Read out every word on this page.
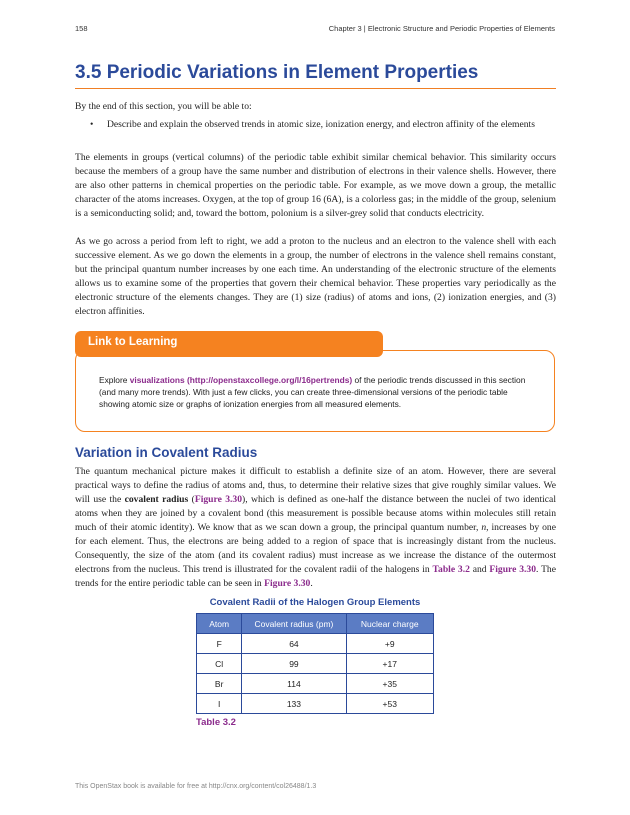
158	Chapter 3 | Electronic Structure and Periodic Properties of Elements
3.5 Periodic Variations in Element Properties

By the end of this section, you will be able to:

•	Describe and explain the observed trends in atomic size, ionization energy, and electron affinity of the elements

The elements in groups (vertical columns) of the periodic table exhibit similar chemical behavior. This similarity occurs because the members of a group have the same number and distribution of electrons in their valence shells. However, there are also other patterns in chemical properties on the periodic table. For example, as we move down a group, the metallic character of the atoms increases. Oxygen, at the top of group 16 (6A), is a colorless gas; in the middle of the group, selenium is a semiconducting solid; and, toward the bottom, polonium is a silver-grey solid that conducts electricity.

As we go across a period from left to right, we add a proton to the nucleus and an electron to the valence shell with each successive element. As we go down the elements in a group, the number of electrons in the valence shell remains constant, but the principal quantum number increases by one each time. An understanding of the electronic structure of the elements allows us to examine some of the properties that govern their chemical behavior. These properties vary periodically as the electronic structure of the elements changes. They are (1) size (radius) of atoms and ions, (2) ionization energies, and (3) electron affinities.

Link to Learning

Explore visualizations (http://openstaxcollege.org/l/16pertrends) of the periodic trends discussed in this section (and many more trends). With just a few clicks, you can create three-dimensional versions of the periodic table showing atomic size or graphs of ionization energies from all measured elements.

Variation in Covalent Radius

The quantum mechanical picture makes it difficult to establish a definite size of an atom. However, there are several practical ways to define the radius of atoms and, thus, to determine their relative sizes that give roughly similar values. We will use the covalent radius (Figure 3.30), which is defined as one-half the distance between the nuclei of two identical atoms when they are joined by a covalent bond (this measurement is possible because atoms within molecules still retain much of their atomic identity). We know that as we scan down a group, the principal quantum number, n, increases by one for each element. Thus, the electrons are being added to a region of space that is increasingly distant from the nucleus. Consequently, the size of the atom (and its covalent radius) must increase as we increase the distance of the outermost electrons from the nucleus. This trend is illustrated for the covalent radii of the halogens in Table 3.2 and Figure 3.30. The trends for the entire periodic table can be seen in Figure 3.30.

Covalent Radii of the Halogen Group Elements
Atom	Covalent radius (pm)	Nuclear charge
F	64	+9
Cl	99	+17
Br	114	+35
I	133	+53
Table 3.2
This OpenStax book is available for free at http://cnx.org/content/col26488/1.3
